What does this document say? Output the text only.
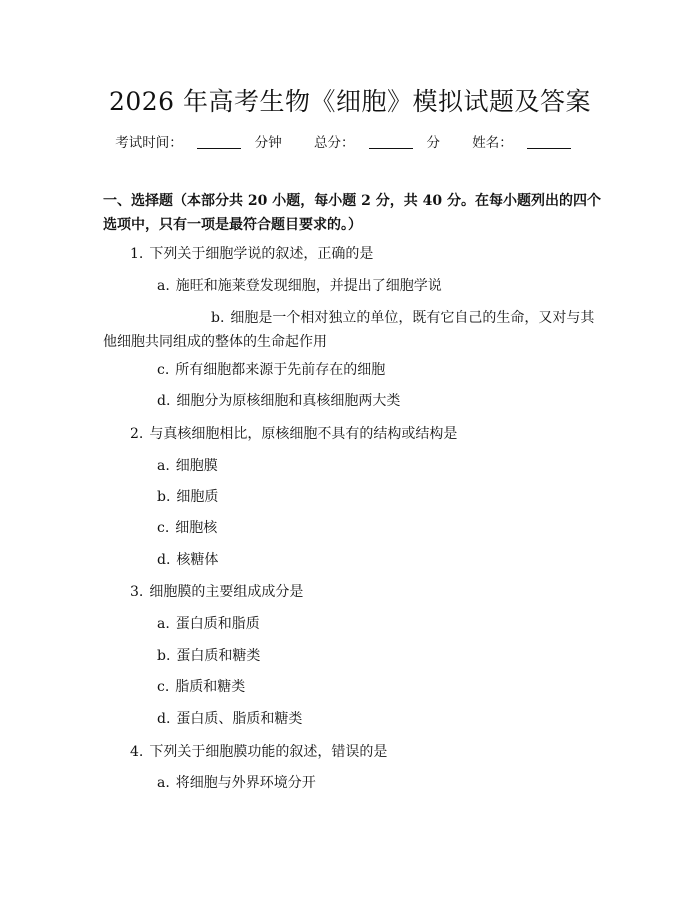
2026 年高考生物《细胞》模拟试题及答案
考试时间：	分钟 总分：	分 姓名：
一、选择题（本部分共 20 小题，每小题 2 分，共 40 分。在每小题列出的四个选项中，只有一项是最符合题目要求的。）
1. 下列关于细胞学说的叙述，正确的是
a. 施旺和施莱登发现细胞，并提出了细胞学说
b. 细胞是一个相对独立的单位，既有它自己的生命，又对与其他细胞共同组成的整体的生命起作用
c. 所有细胞都来源于先前存在的细胞
d. 细胞分为原核细胞和真核细胞两大类
2. 与真核细胞相比，原核细胞不具有的结构或结构是
a. 细胞膜
b. 细胞质
c. 细胞核
d. 核糖体
3. 细胞膜的主要组成成分是
a. 蛋白质和脂质
b. 蛋白质和糖类
c. 脂质和糖类
d. 蛋白质、脂质和糖类
4. 下列关于细胞膜功能的叙述，错误的是
a. 将细胞与外界环境分开
